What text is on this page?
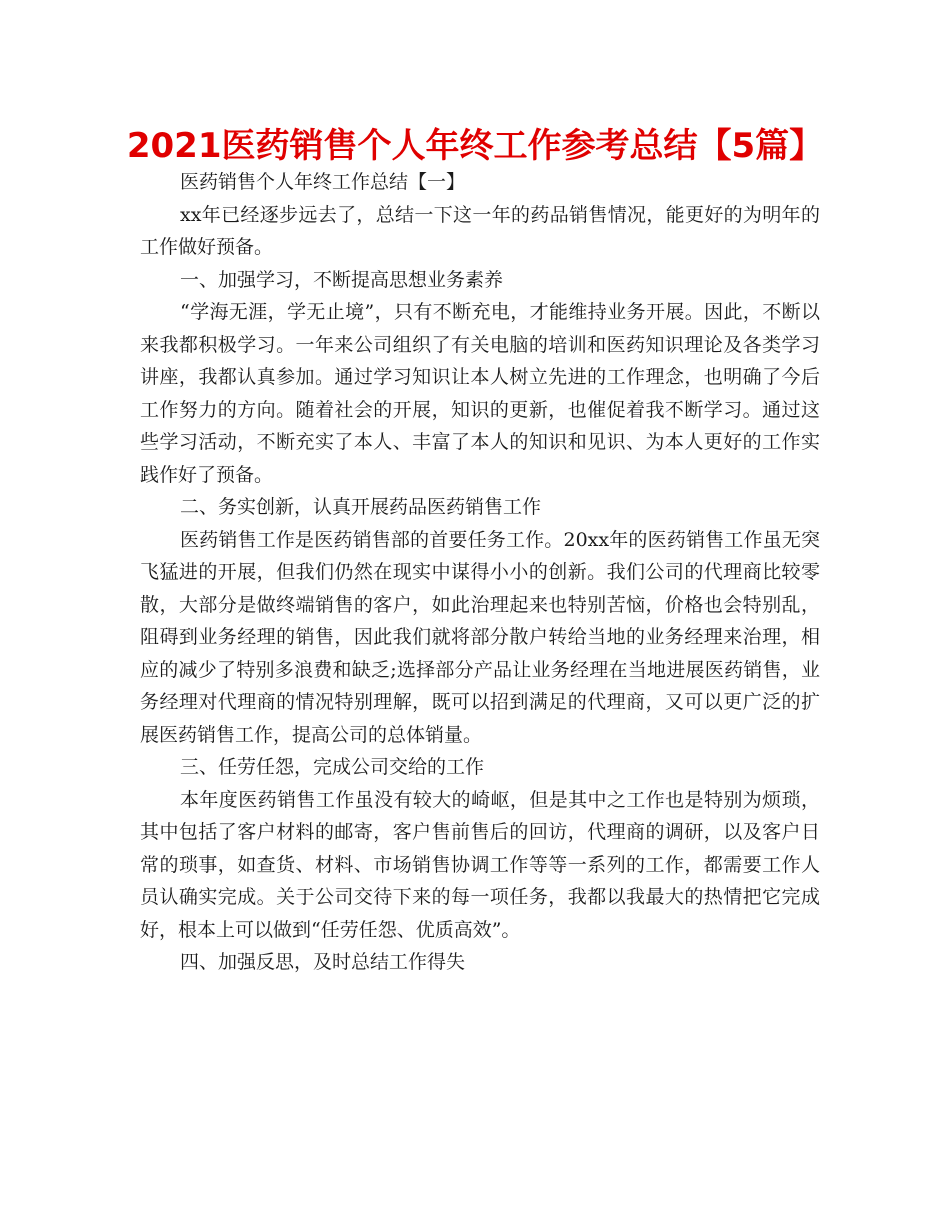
2021医药销售个人年终工作参考总结【5篇】

医药销售个人年终工作总结【一】

xx年已经逐步远去了，总结一下这一年的药品销售情况，能更好的为明年的工作做好预备。

一、加强学习，不断提高思想业务素养

“学海无涯，学无止境”，只有不断充电，才能维持业务开展。因此，不断以来我都积极学习。一年来公司组织了有关电脑的培训和医药知识理论及各类学习讲座，我都认真参加。通过学习知识让本人树立先进的工作理念，也明确了今后工作努力的方向。随着社会的开展，知识的更新，也催促着我不断学习。通过这些学习活动，不断充实了本人、丰富了本人的知识和见识、为本人更好的工作实践作好了预备。

二、务实创新，认真开展药品医药销售工作

医药销售工作是医药销售部的首要任务工作。20xx年的医药销售工作虽无突飞猛进的开展，但我们仍然在现实中谋得小小的创新。我们公司的代理商比较零散，大部分是做终端销售的客户，如此治理起来也特别苦恼，价格也会特别乱，阻碍到业务经理的销售，因此我们就将部分散户转给当地的业务经理来治理，相应的减少了特别多浪费和缺乏;选择部分产品让业务经理在当地进展医药销售，业务经理对代理商的情况特别理解，既可以招到满足的代理商，又可以更广泛的扩展医药销售工作，提高公司的总体销量。

三、任劳任怨，完成公司交给的工作

本年度医药销售工作虽没有较大的崎岖，但是其中之工作也是特别为烦琐，其中包括了客户材料的邮寄，客户售前售后的回访，代理商的调研，以及客户日常的琐事，如查货、材料、市场销售协调工作等等一系列的工作，都需要工作人员认确实完成。关于公司交待下来的每一项任务，我都以我最大的热情把它完成好，根本上可以做到“任劳任怨、优质高效”。

四、加强反思，及时总结工作得失
